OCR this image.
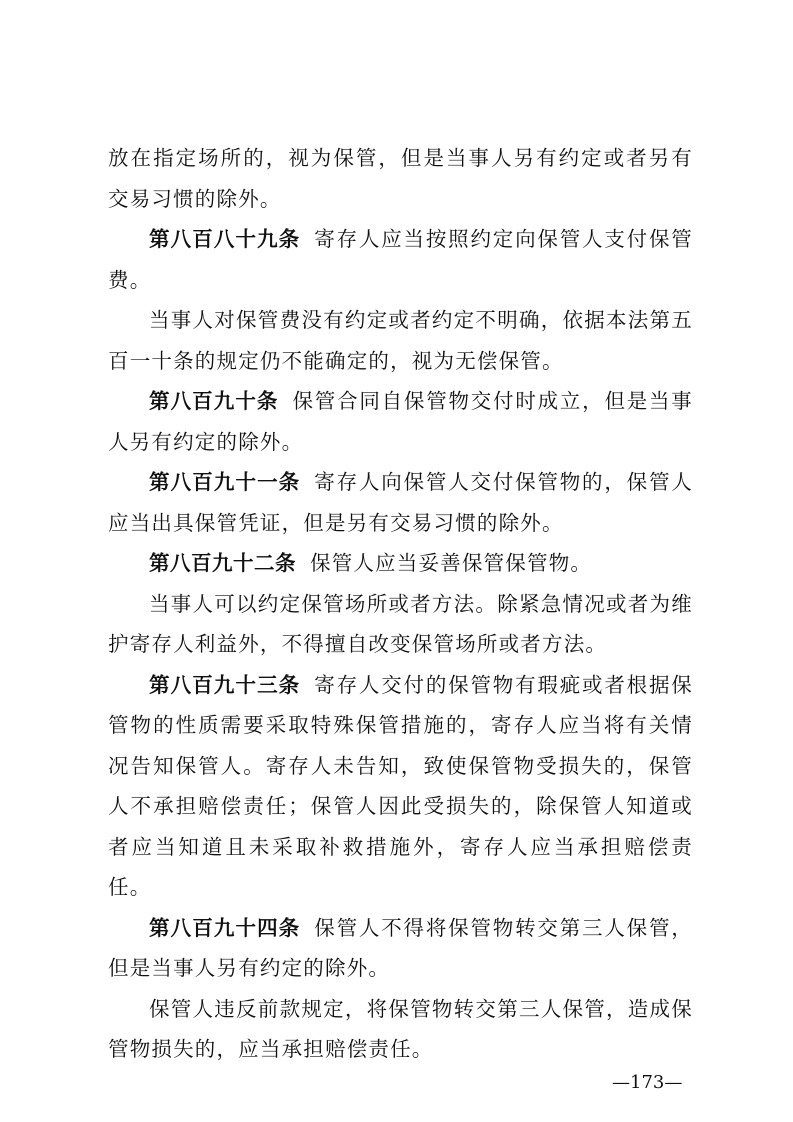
放在指定场所的，视为保管，但是当事人另有约定或者另有交易习惯的除外。

第八百八十九条 寄存人应当按照约定向保管人支付保管费。

当事人对保管费没有约定或者约定不明确，依据本法第五百一十条的规定仍不能确定的，视为无偿保管。

第八百九十条 保管合同自保管物交付时成立，但是当事人另有约定的除外。

第八百九十一条 寄存人向保管人交付保管物的，保管人应当出具保管凭证，但是另有交易习惯的除外。

第八百九十二条 保管人应当妥善保管保管物。

当事人可以约定保管场所或者方法。除紧急情况或者为维护寄存人利益外，不得擅自改变保管场所或者方法。

第八百九十三条 寄存人交付的保管物有瑕疵或者根据保管物的性质需要采取特殊保管措施的，寄存人应当将有关情况告知保管人。寄存人未告知，致使保管物受损失的，保管人不承担赔偿责任；保管人因此受损失的，除保管人知道或者应当知道且未采取补救措施外，寄存人应当承担赔偿责任。

第八百九十四条 保管人不得将保管物转交第三人保管，但是当事人另有约定的除外。

保管人违反前款规定，将保管物转交第三人保管，造成保管物损失的，应当承担赔偿责任。

—173—
